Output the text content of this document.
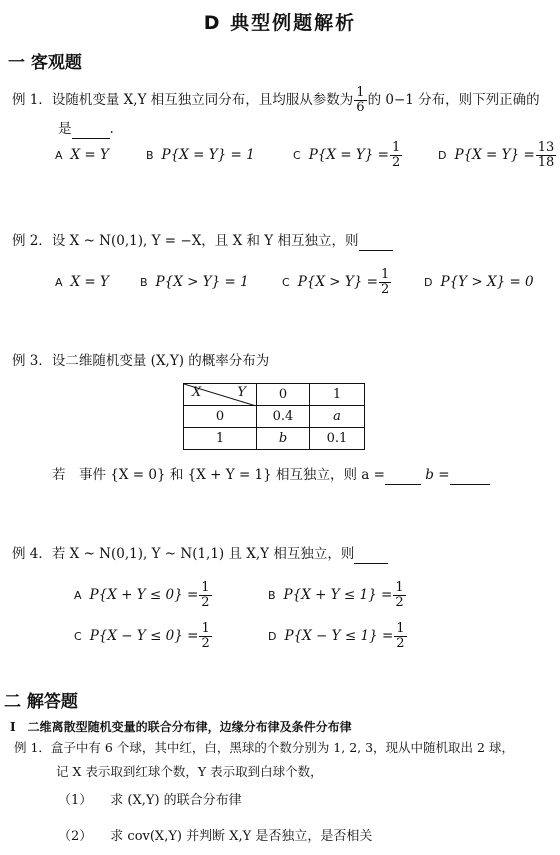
D 典型例题解析
一 客观题
例 1．设随机变量 X,Y 相互独立同分布，且均服从参数为 $\frac{1}{6}$ 的 0−1 分布，则下列正确的
是	.
A X = Y	B P{X = Y} = 1	C $P\{X = Y\} = \frac{1}{2}$	D $P\{X = Y\} = \frac{13}{18}$
例 2．设 X ~ N(0,1), Y = −X，且 X 和 Y 相互独立，则
A X = Y	B P{X > Y} = 1	C $P\{X > Y\} = \frac{1}{2}$	D P{Y > X} = 0
例 3．设二维随机变量 (X,Y) 的概率分布为
X Y	0	1
0	0.4	a
1	b	0.1
若　事件 {X = 0} 和 {X + Y = 1} 相互独立，则 a =	b =
例 4．若 X ~ N(0,1), Y ~ N(1,1) 且 X,Y 相互独立，则
A $P\{X + Y \le 0\} = \frac{1}{2}$	B $P\{X + Y \le 1\} = \frac{1}{2}$
C $P\{X - Y \le 0\} = \frac{1}{2}$	D $P\{X - Y \le 1\} = \frac{1}{2}$
二 解答题
Ⅰ　二维离散型随机变量的联合分布律，边缘分布律及条件分布律
例 1．盒子中有 6 个球，其中红，白，黑球的个数分别为 1, 2, 3，现从中随机取出 2 球，
记 X 表示取到红球个数，Y 表示取到白球个数，
（1） 求 (X,Y) 的联合分布律
（2） 求 cov(X,Y) 并判断 X,Y 是否独立，是否相关
